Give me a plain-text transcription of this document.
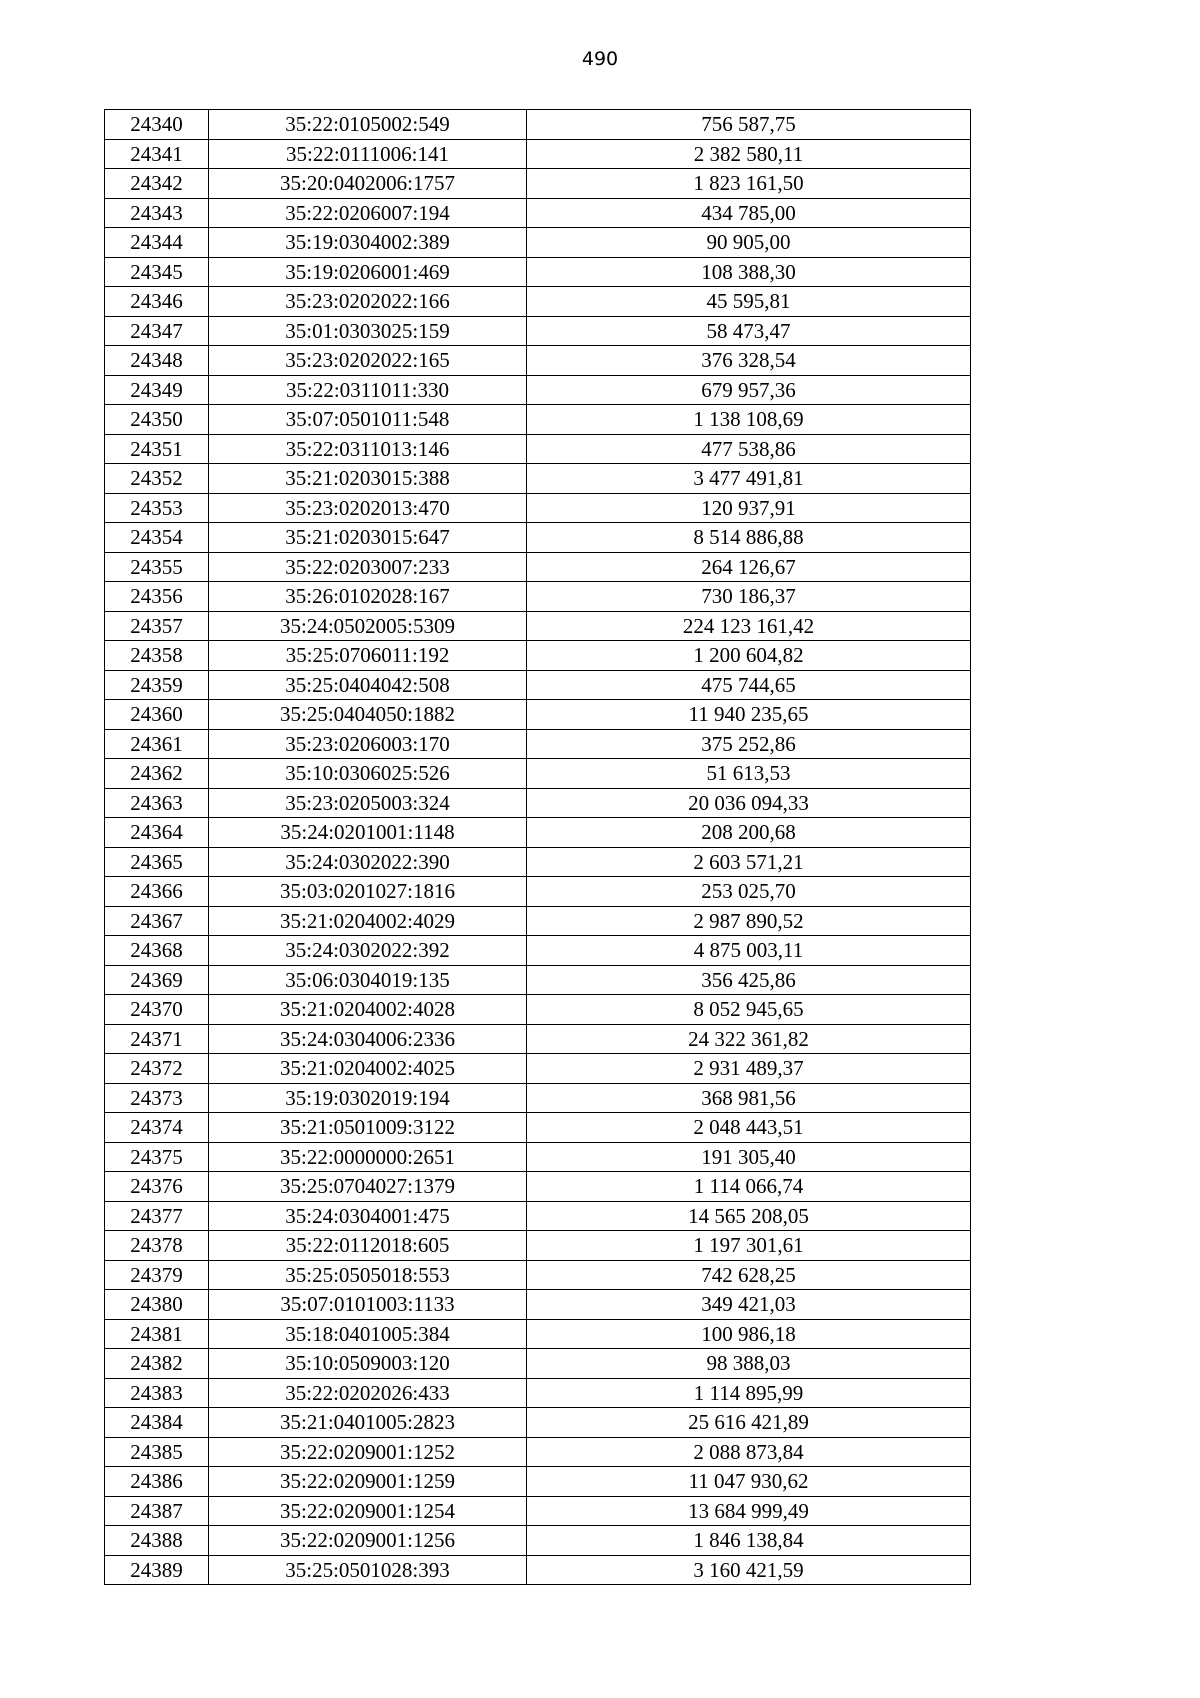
490
24340	35:22:0105002:549	756 587,75
24341	35:22:0111006:141	2 382 580,11
24342	35:20:0402006:1757	1 823 161,50
24343	35:22:0206007:194	434 785,00
24344	35:19:0304002:389	90 905,00
24345	35:19:0206001:469	108 388,30
24346	35:23:0202022:166	45 595,81
24347	35:01:0303025:159	58 473,47
24348	35:23:0202022:165	376 328,54
24349	35:22:0311011:330	679 957,36
24350	35:07:0501011:548	1 138 108,69
24351	35:22:0311013:146	477 538,86
24352	35:21:0203015:388	3 477 491,81
24353	35:23:0202013:470	120 937,91
24354	35:21:0203015:647	8 514 886,88
24355	35:22:0203007:233	264 126,67
24356	35:26:0102028:167	730 186,37
24357	35:24:0502005:5309	224 123 161,42
24358	35:25:0706011:192	1 200 604,82
24359	35:25:0404042:508	475 744,65
24360	35:25:0404050:1882	11 940 235,65
24361	35:23:0206003:170	375 252,86
24362	35:10:0306025:526	51 613,53
24363	35:23:0205003:324	20 036 094,33
24364	35:24:0201001:1148	208 200,68
24365	35:24:0302022:390	2 603 571,21
24366	35:03:0201027:1816	253 025,70
24367	35:21:0204002:4029	2 987 890,52
24368	35:24:0302022:392	4 875 003,11
24369	35:06:0304019:135	356 425,86
24370	35:21:0204002:4028	8 052 945,65
24371	35:24:0304006:2336	24 322 361,82
24372	35:21:0204002:4025	2 931 489,37
24373	35:19:0302019:194	368 981,56
24374	35:21:0501009:3122	2 048 443,51
24375	35:22:0000000:2651	191 305,40
24376	35:25:0704027:1379	1 114 066,74
24377	35:24:0304001:475	14 565 208,05
24378	35:22:0112018:605	1 197 301,61
24379	35:25:0505018:553	742 628,25
24380	35:07:0101003:1133	349 421,03
24381	35:18:0401005:384	100 986,18
24382	35:10:0509003:120	98 388,03
24383	35:22:0202026:433	1 114 895,99
24384	35:21:0401005:2823	25 616 421,89
24385	35:22:0209001:1252	2 088 873,84
24386	35:22:0209001:1259	11 047 930,62
24387	35:22:0209001:1254	13 684 999,49
24388	35:22:0209001:1256	1 846 138,84
24389	35:25:0501028:393	3 160 421,59
